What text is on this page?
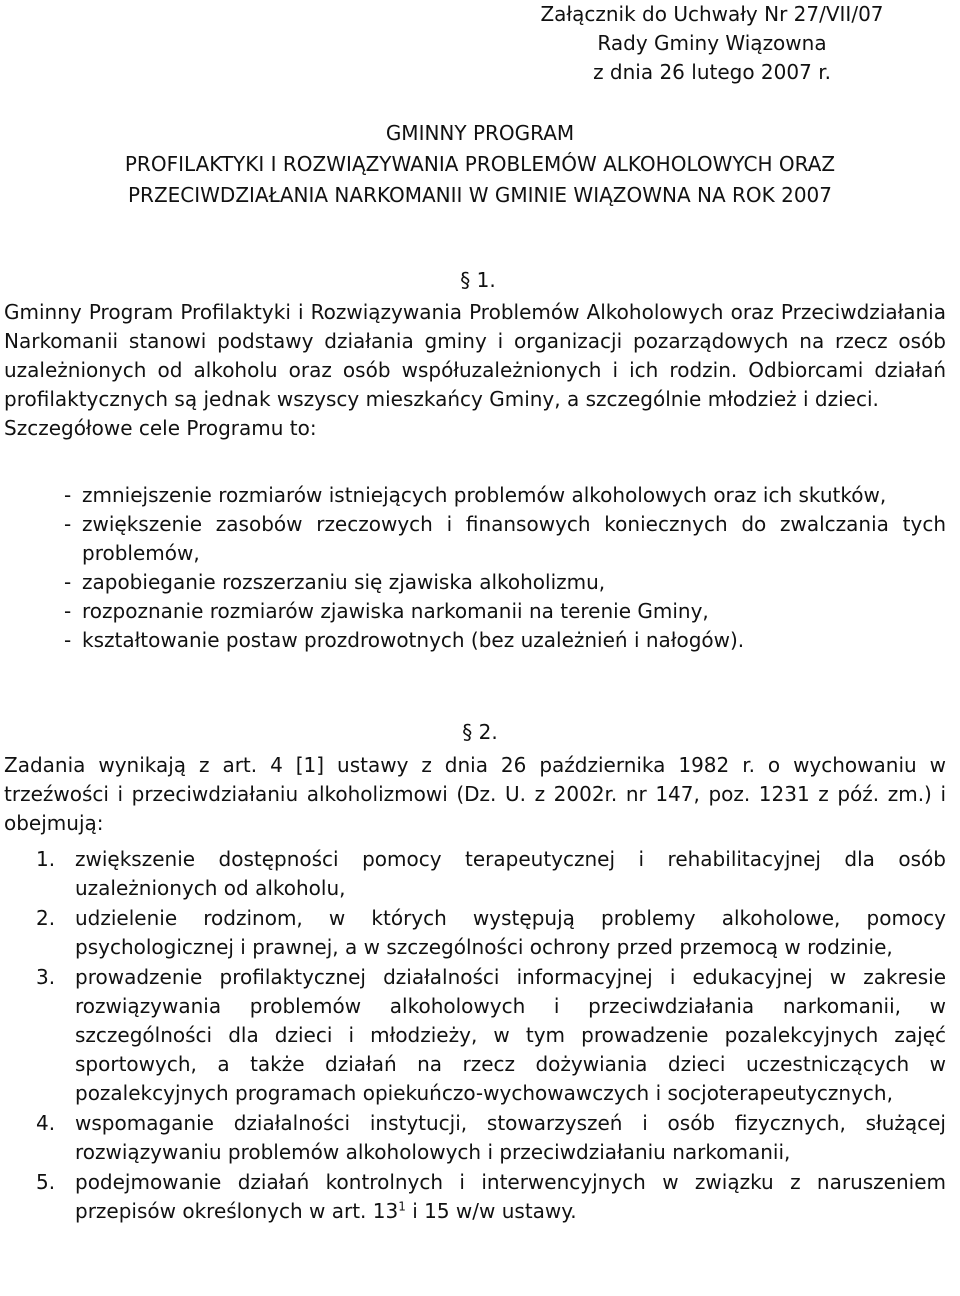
Załącznik do Uchwały Nr 27/VII/07
Rady Gminy Wiązowna
z dnia 26 lutego 2007 r.
GMINNY PROGRAM
PROFILAKTYKI I ROZWIĄZYWANIA PROBLEMÓW ALKOHOLOWYCH ORAZ
PRZECIWDZIAŁANIA NARKOMANII W GMINIE WIĄZOWNA NA ROK 2007
§ 1.
Gminny Program Profilaktyki i Rozwiązywania Problemów Alkoholowych oraz Przeciwdziałania Narkomanii stanowi podstawy działania gminy i organizacji pozarządowych na rzecz osób uzależnionych od alkoholu oraz osób współuzależnionych i ich rodzin. Odbiorcami działań profilaktycznych są jednak wszyscy mieszkańcy Gminy, a szczególnie młodzież i dzieci.
Szczegółowe cele Programu to:
- zmniejszenie rozmiarów istniejących problemów alkoholowych oraz ich skutków,
- zwiększenie zasobów rzeczowych i finansowych koniecznych do zwalczania tych problemów,
- zapobieganie rozszerzaniu się zjawiska alkoholizmu,
- rozpoznanie rozmiarów zjawiska narkomanii na terenie Gminy,
- kształtowanie postaw prozdrowotnych (bez uzależnień i nałogów).
§ 2.
Zadania wynikają z art. 4 [1] ustawy z dnia 26 października 1982 r. o wychowaniu w trzeźwości i przeciwdziałaniu alkoholizmowi (Dz. U. z 2002r. nr 147, poz. 1231 z póź. zm.) i obejmują:
1. zwiększenie dostępności pomocy terapeutycznej i rehabilitacyjnej dla osób uzależnionych od alkoholu,
2. udzielenie rodzinom, w których występują problemy alkoholowe, pomocy psychologicznej i prawnej, a w szczególności ochrony przed przemocą w rodzinie,
3. prowadzenie profilaktycznej działalności informacyjnej i edukacyjnej w zakresie rozwiązywania problemów alkoholowych i przeciwdziałania narkomanii, w szczególności dla dzieci i młodzieży, w tym prowadzenie pozalekcyjnych zajęć sportowych, a także działań na rzecz dożywiania dzieci uczestniczących w pozalekcyjnych programach opiekuńczo-wychowawczych i socjoterapeutycznych,
4. wspomaganie działalności instytucji, stowarzyszeń i osób fizycznych, służącej rozwiązywaniu problemów alkoholowych i przeciwdziałaniu narkomanii,
5. podejmowanie działań kontrolnych i interwencyjnych w związku z naruszeniem przepisów określonych w art. $13^1$ i 15 w/w ustawy.
